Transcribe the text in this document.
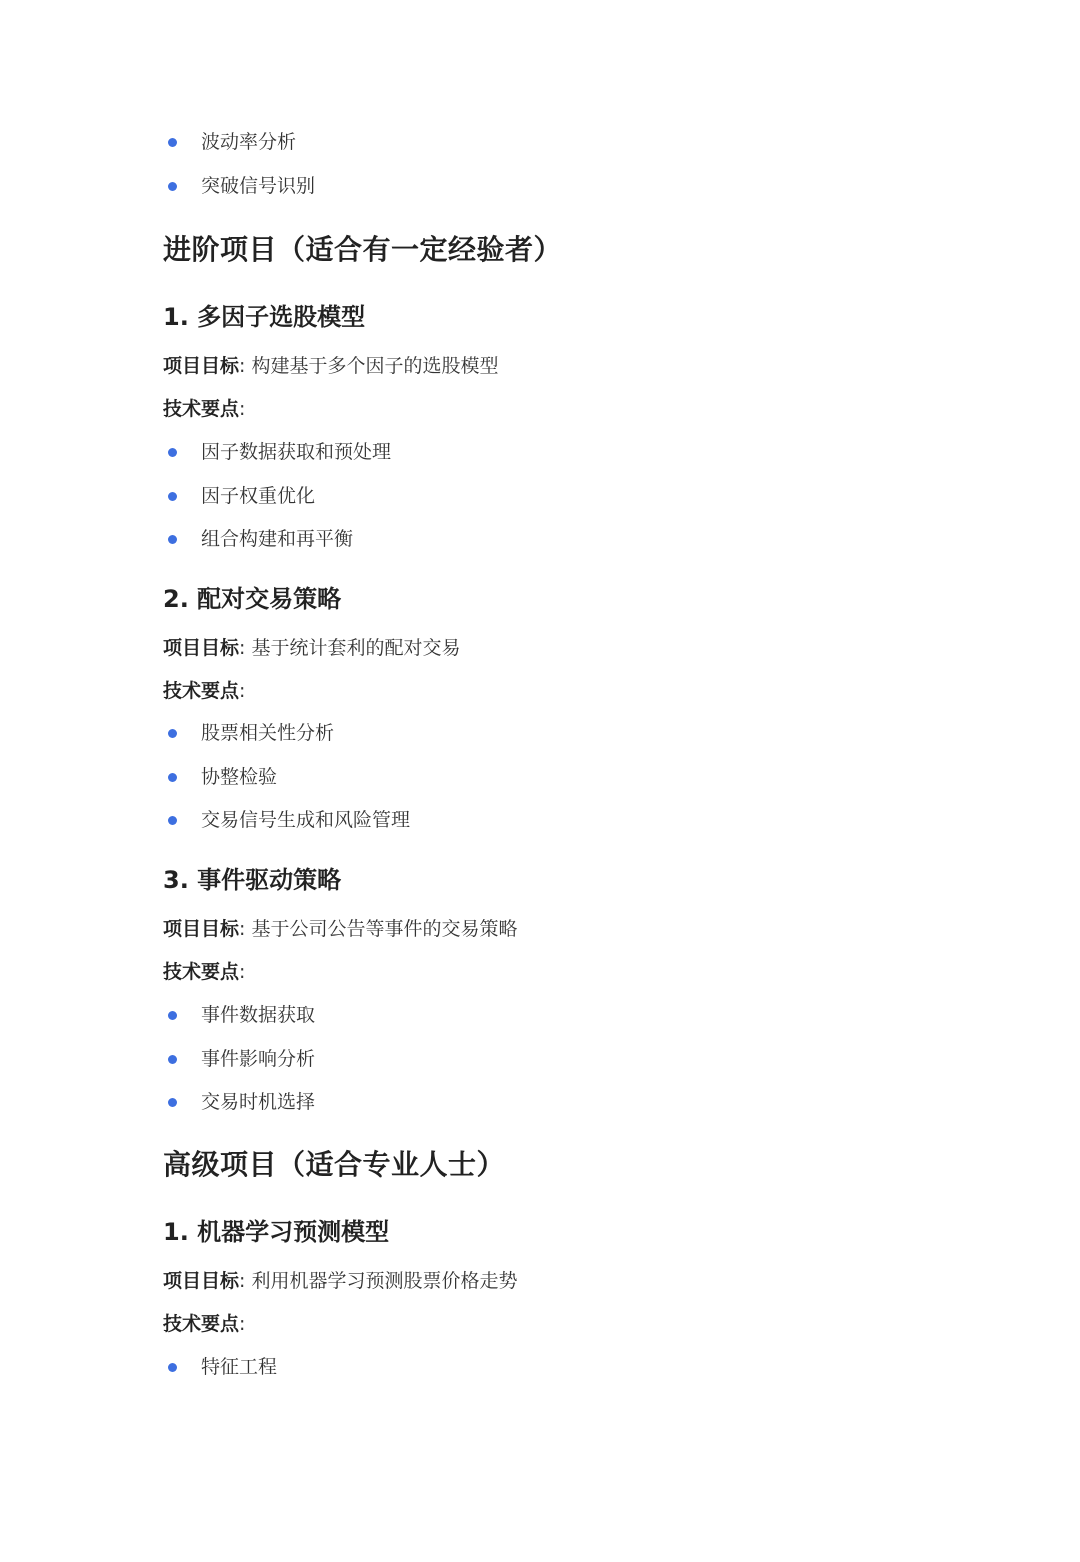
波动率分析
突破信号识别
进阶项目（适合有一定经验者）
1. 多因子选股模型

项目目标: 构建基于多个因子的选股模型

技术要点:

因子数据获取和预处理
因子权重优化
组合构建和再平衡
2. 配对交易策略

项目目标: 基于统计套利的配对交易

技术要点:

股票相关性分析
协整检验
交易信号生成和风险管理
3. 事件驱动策略

项目目标: 基于公司公告等事件的交易策略

技术要点:

事件数据获取
事件影响分析
交易时机选择
高级项目（适合专业人士）
1. 机器学习预测模型

项目目标: 利用机器学习预测股票价格走势

技术要点:

特征工程
